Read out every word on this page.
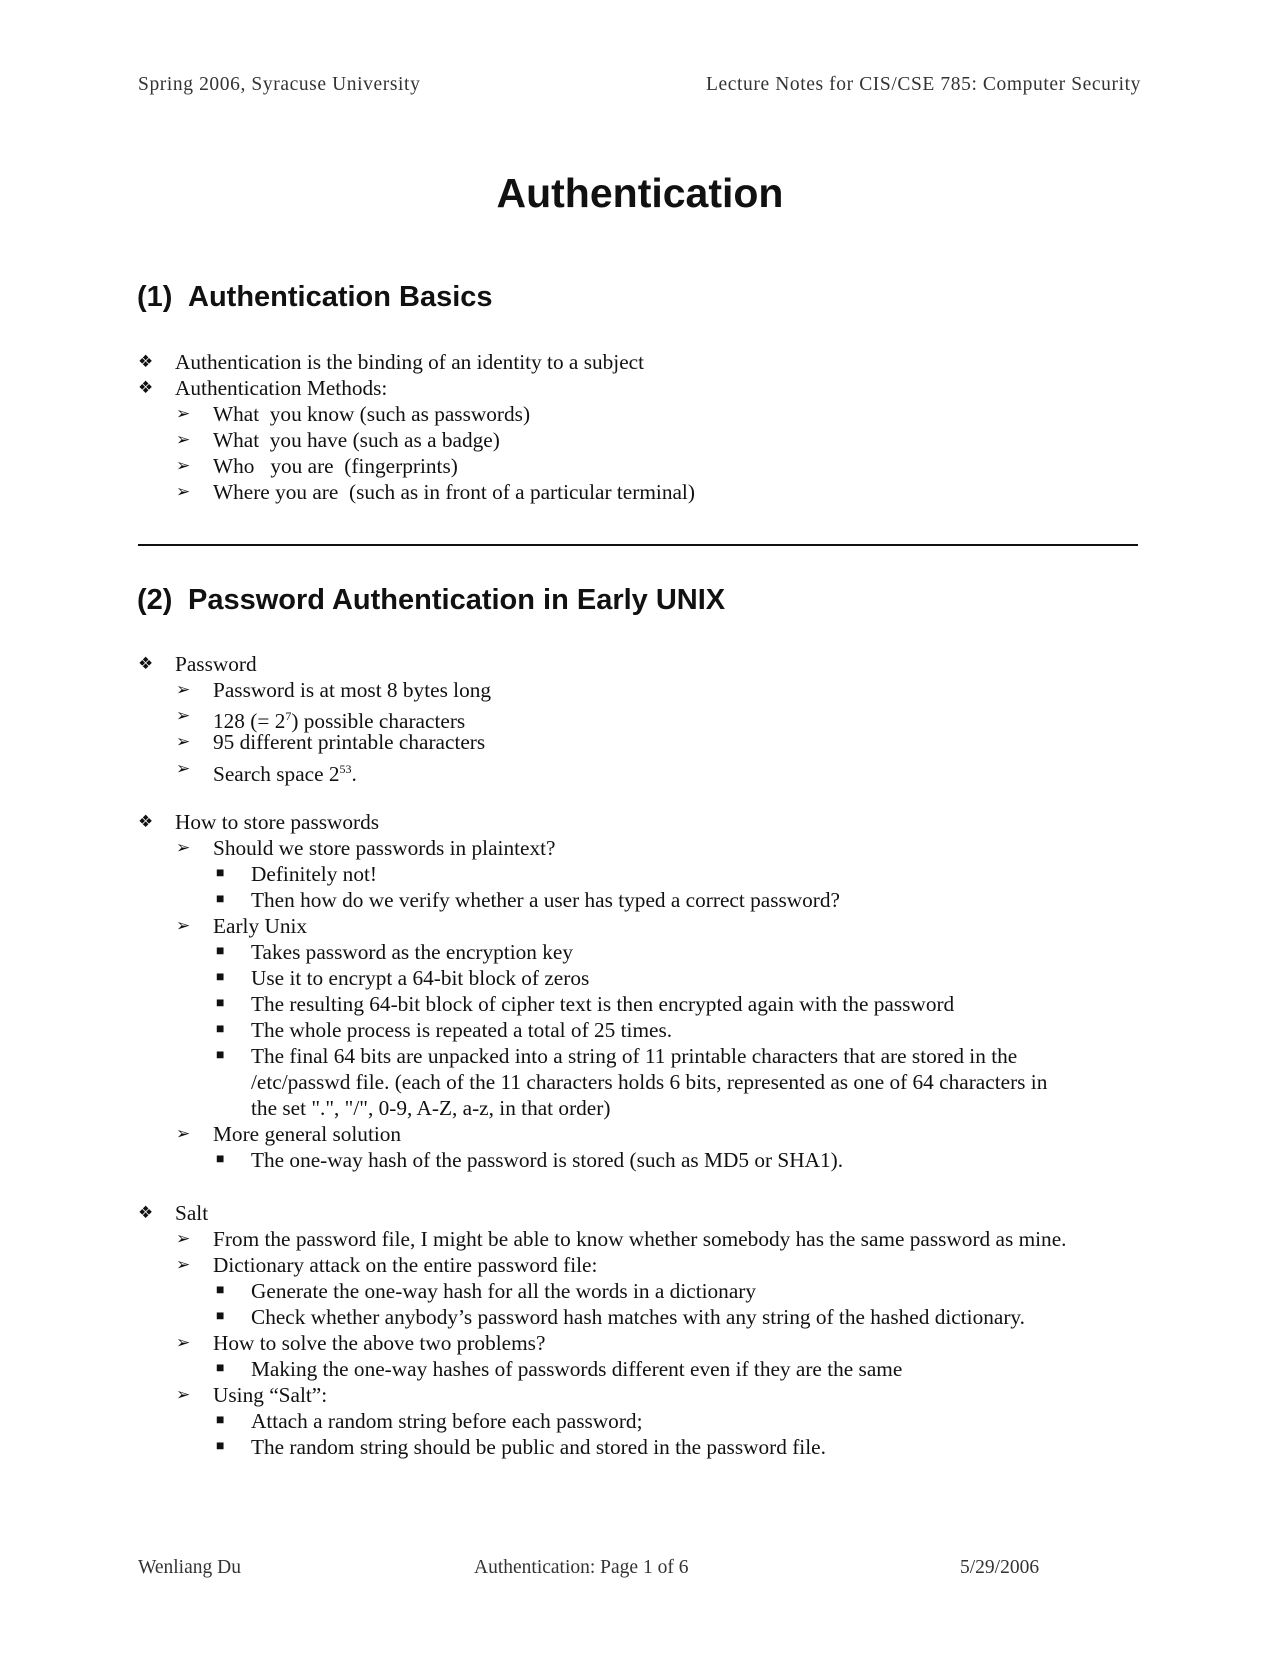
Spring 2006, Syracuse University	Lecture Notes for CIS/CSE 785: Computer Security
Authentication
(1) Authentication Basics
❖ Authentication is the binding of an identity to a subject
❖ Authentication Methods:
➢ What  you know (such as passwords)
➢ What  you have (such as a badge)
➢ Who   you are  (fingerprints)
➢ Where you are  (such as in front of a particular terminal)
(2) Password Authentication in Early UNIX
❖ Password
➢ Password is at most 8 bytes long
➢ 128 (= $2^7$) possible characters
➢ 95 different printable characters
➢ Search space $2^{53}$.
❖ How to store passwords
➢ Should we store passwords in plaintext?
■ Definitely not!
■ Then how do we verify whether a user has typed a correct password?
➢ Early Unix
■ Takes password as the encryption key
■ Use it to encrypt a 64-bit block of zeros
■ The resulting 64-bit block of cipher text is then encrypted again with the password
■ The whole process is repeated a total of 25 times.
■ The final 64 bits are unpacked into a string of 11 printable characters that are stored in the
/etc/passwd file. (each of the 11 characters holds 6 bits, represented as one of 64 characters in
the set ".", "/", 0-9, A-Z, a-z, in that order)
➢ More general solution
■ The one-way hash of the password is stored (such as MD5 or SHA1).
❖ Salt
➢ From the password file, I might be able to know whether somebody has the same password as mine.
➢ Dictionary attack on the entire password file:
■ Generate the one-way hash for all the words in a dictionary
■ Check whether anybody’s password hash matches with any string of the hashed dictionary.
➢ How to solve the above two problems?
■ Making the one-way hashes of passwords different even if they are the same
➢ Using “Salt”:
■ Attach a random string before each password;
■ The random string should be public and stored in the password file.
Wenliang Du	Authentication: Page 1 of 6	5/29/2006
